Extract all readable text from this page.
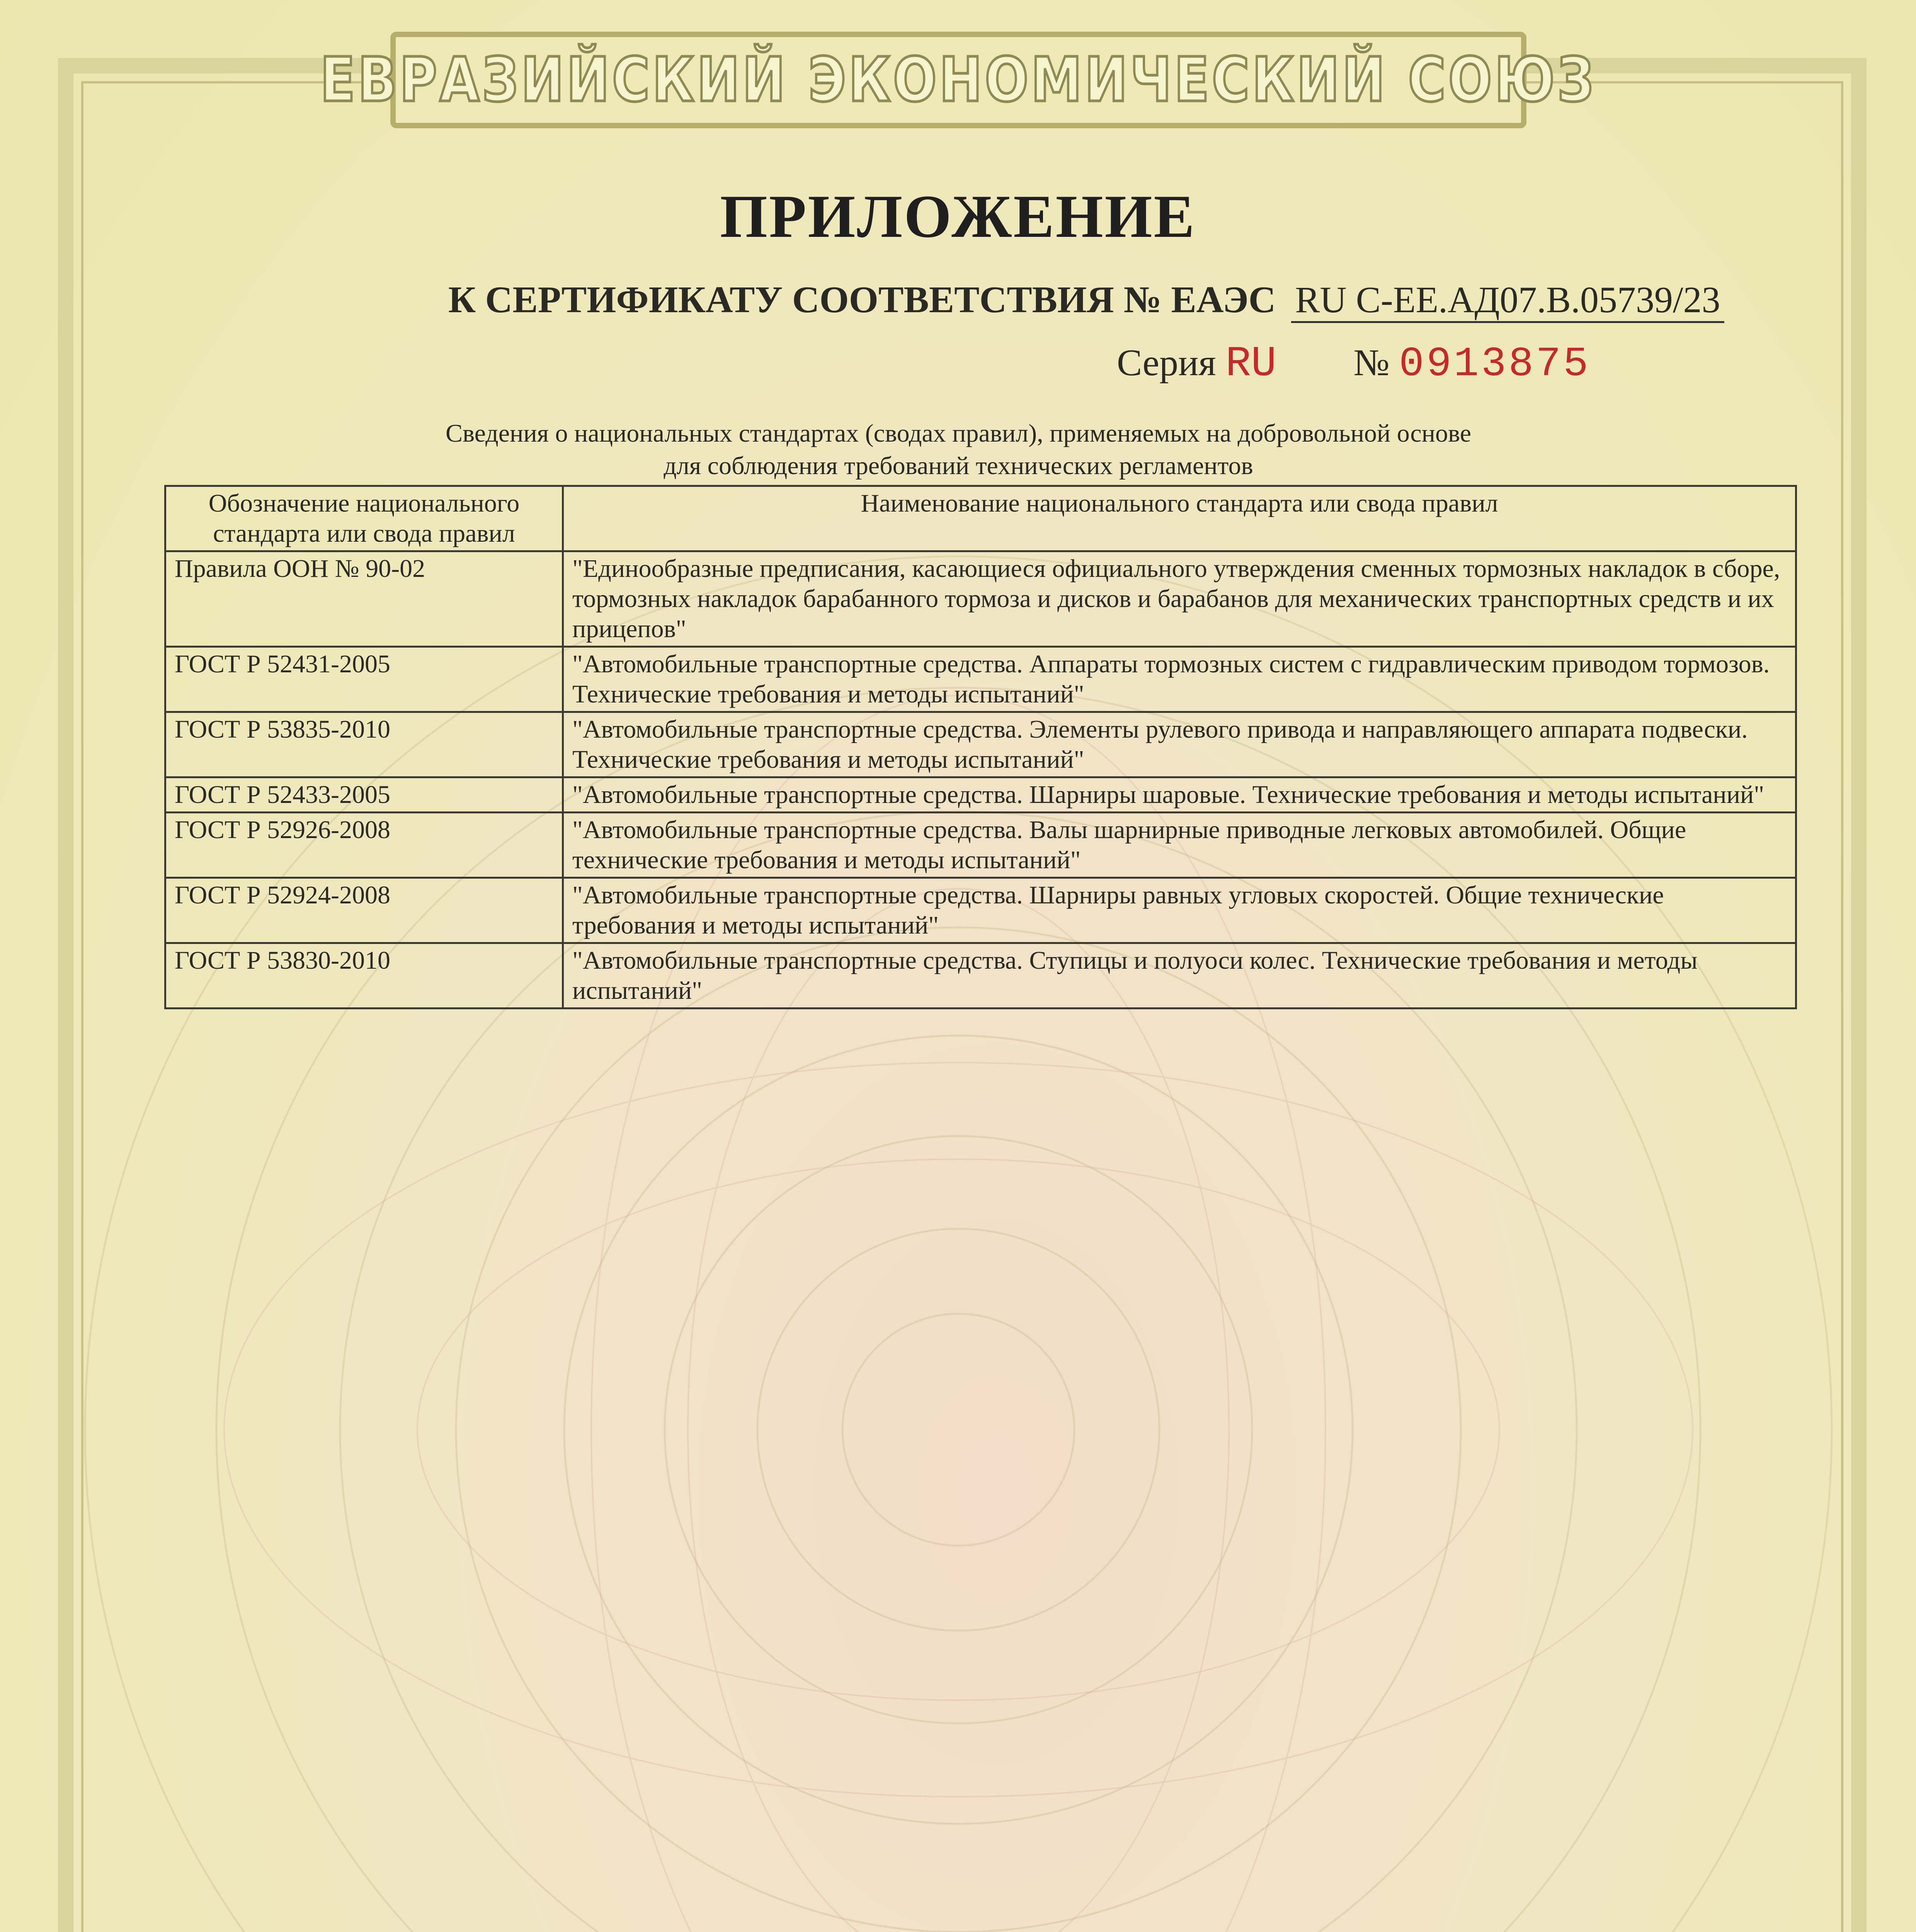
ЕВРАЗИЙСКИЙ ЭКОНОМИЧЕСКИЙ СОЮЗ
ПРИЛОЖЕНИЕ
К СЕРТИФИКАТУ СООТВЕТСТВИЯ № ЕАЭС RU С-EE.АД07.В.05739/23
Серия RU № 0913875
Сведения о национальных стандартах (сводах правил), применяемых на добровольной основе
для соблюдения требований технических регламентов
Обозначение национального стандарта или свода правил	Наименование национального стандарта или свода правил
Правила ООН № 90-02	"Единообразные предписания, касающиеся официального утверждения сменных тормозных накладок в сборе, тормозных накладок барабанного тормоза и дисков и барабанов для механических транспортных средств и их прицепов"
ГОСТ Р 52431-2005	"Автомобильные транспортные средства. Аппараты тормозных систем с гидравлическим приводом тормозов. Технические требования и методы испытаний"
ГОСТ Р 53835-2010	"Автомобильные транспортные средства. Элементы рулевого привода и направляющего аппарата подвески. Технические требования и методы испытаний"
ГОСТ Р 52433-2005	"Автомобильные транспортные средства. Шарниры шаровые. Технические требования и методы испытаний"
ГОСТ Р 52926-2008	"Автомобильные транспортные средства. Валы шарнирные приводные легковых автомобилей. Общие технические требования и методы испытаний"
ГОСТ Р 52924-2008	"Автомобильные транспортные средства. Шарниры равных угловых скоростей. Общие технические требования и методы испытаний"
ГОСТ Р 53830-2010	"Автомобильные транспортные средства. Ступицы и полуоси колес. Технические требования и методы испытаний"
